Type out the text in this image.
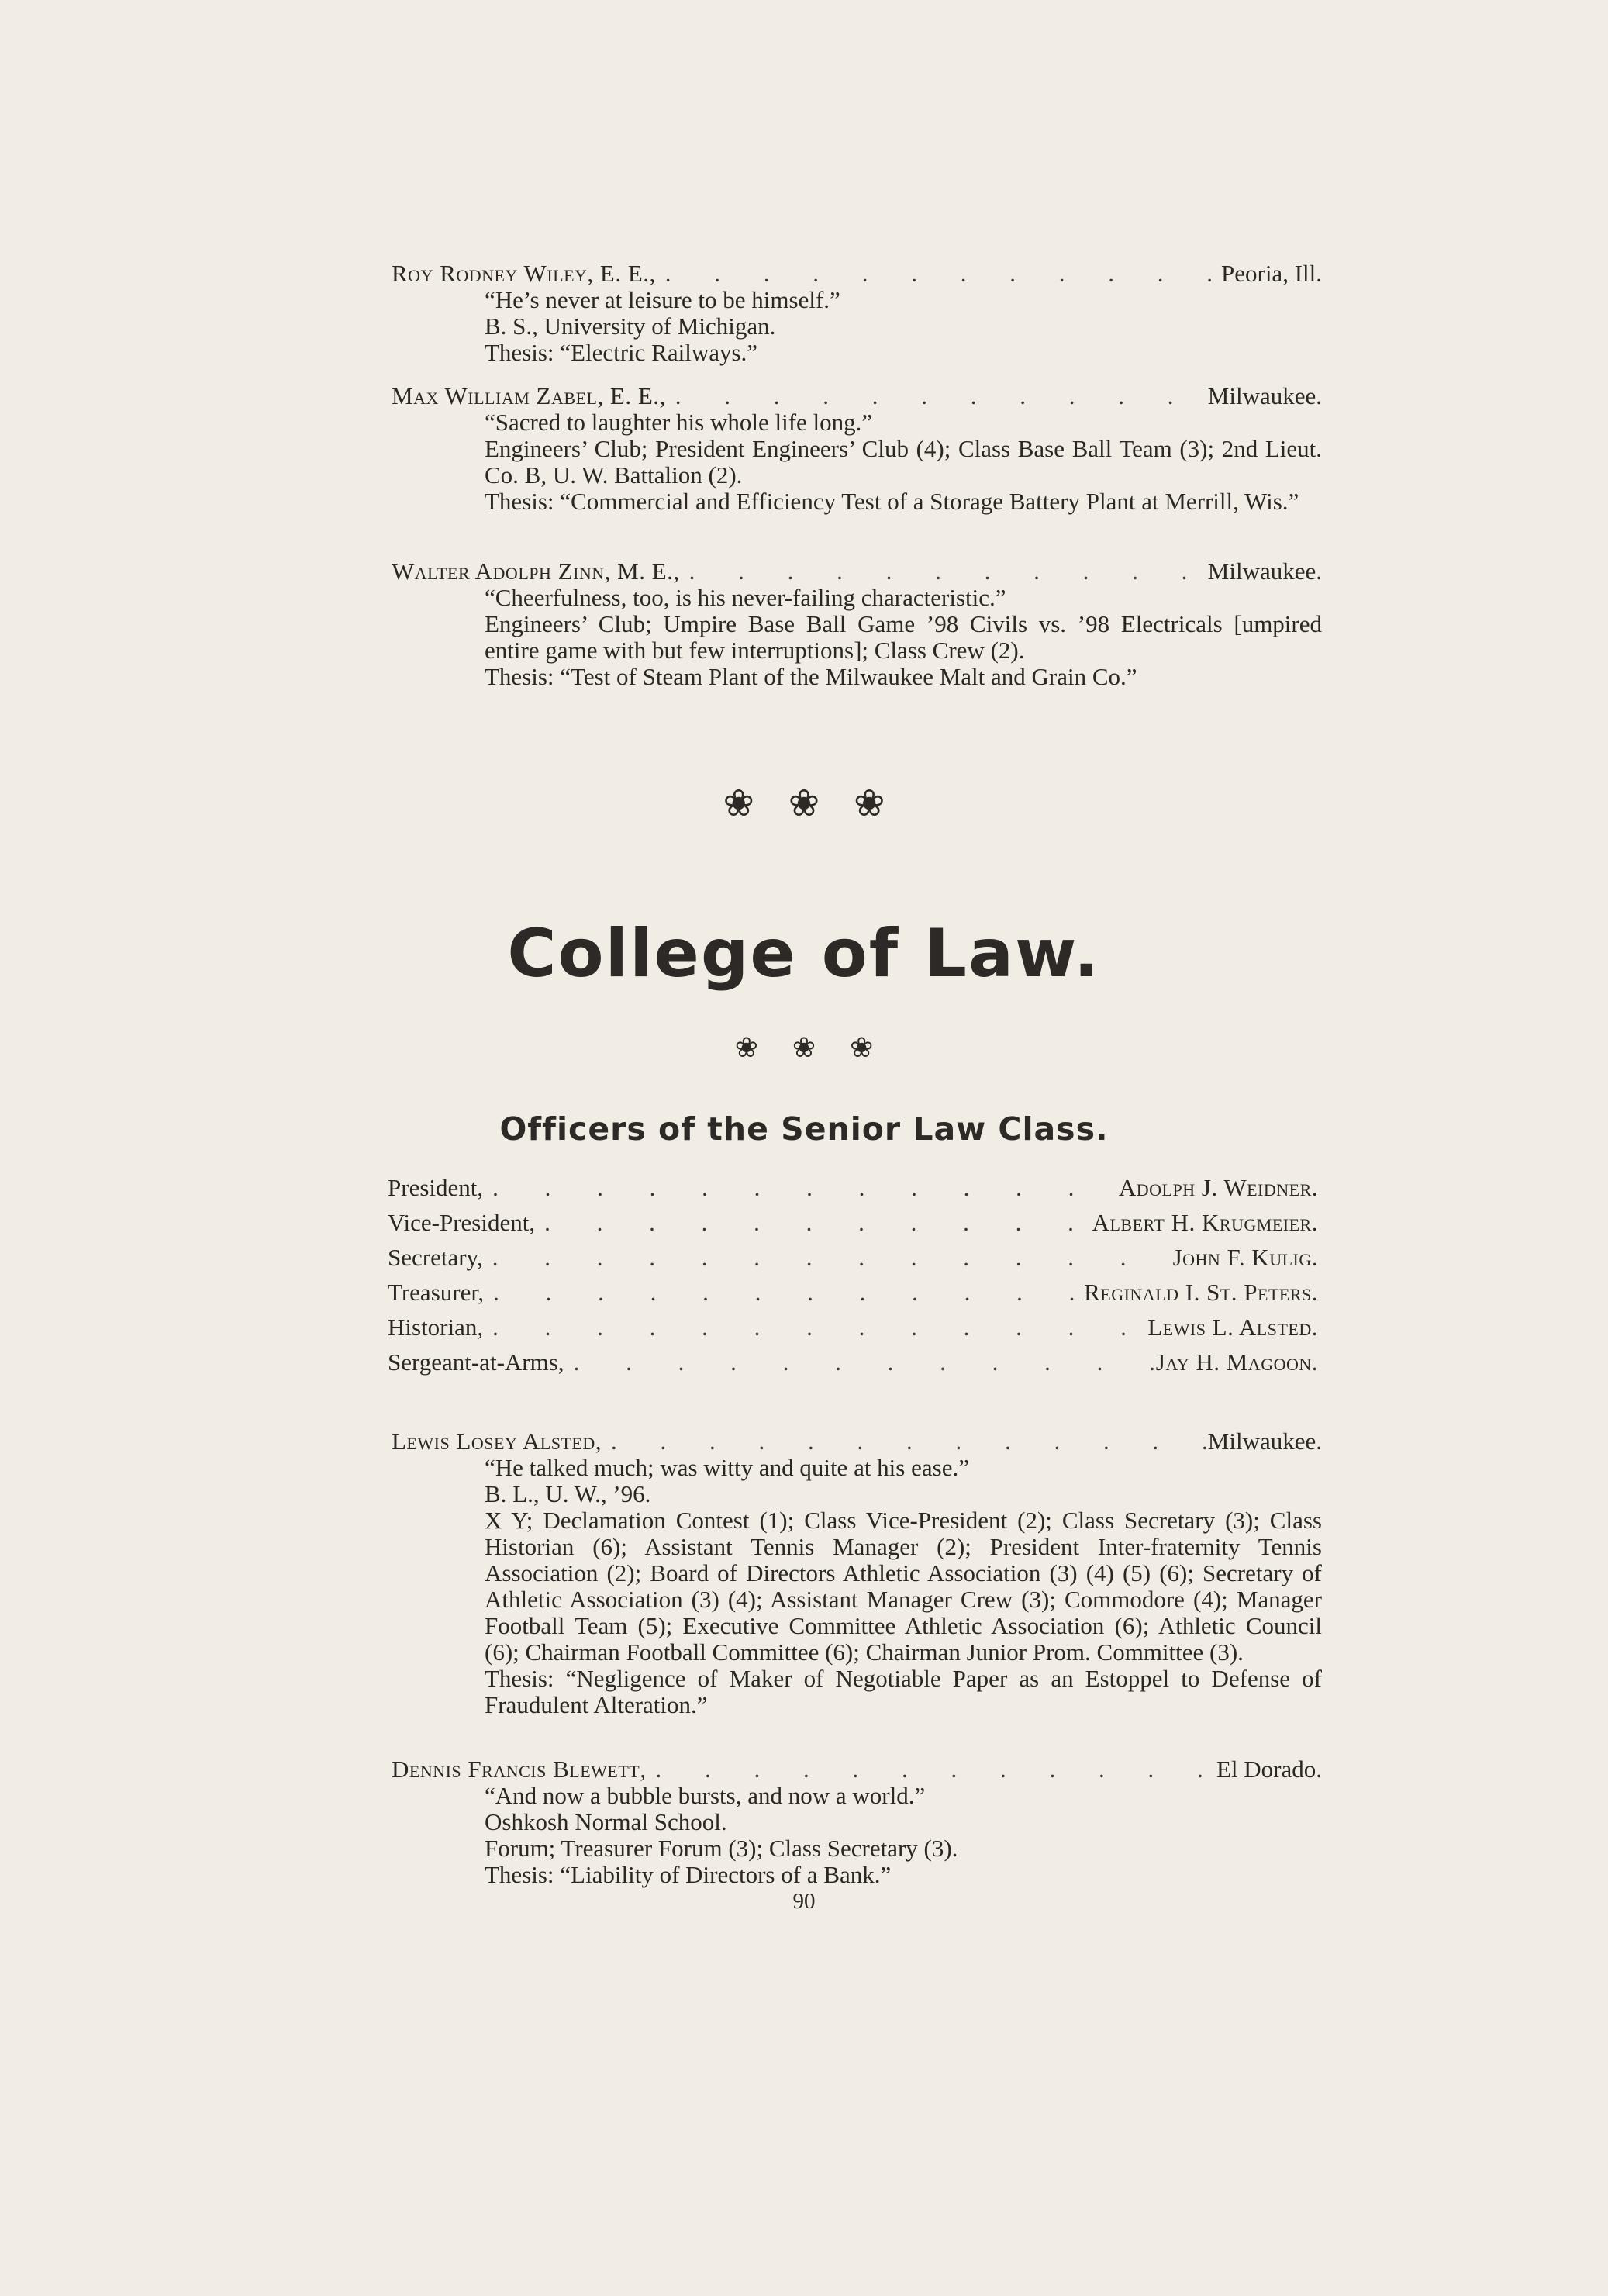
Roy Rodney Wiley, E. E., . . .	Peoria, Ill.

“He’s never at leisure to be himself.”

B. S., University of Michigan.

Thesis: “Electric Railways.”

Max William Zabel, E. E., . . .	Milwaukee.

“Sacred to laughter his whole life long.”

Engineers’ Club; President Engineers’ Club (4); Class Base Ball Team (3); 2nd Lieut. Co. B, U. W. Battalion (2).

Thesis: “Commercial and Efficiency Test of a Storage Battery Plant at Merrill, Wis.”

Walter Adolph Zinn, M. E., . . .	Milwaukee.

“Cheerfulness, too, is his never-failing characteristic.”

Engineers’ Club; Umpire Base Ball Game ’98 Civils vs. ’98 Electricals [umpired entire game with but few interruptions]; Class Crew (2).

Thesis: “Test of Steam Plant of the Milwaukee Malt and Grain Co.”

❀ ❀ ❀
College of Law.
❀ ❀ ❀
Officers of the Senior Law Class.
President, . . .	Adolph J. Weidner.
Vice-President, . . .	Albert H. Krugmeier.
Secretary, . . .	John F. Kulig.
Treasurer, . . .	Reginald I. St. Peters.
Historian, . . .	Lewis L. Alsted.
Sergeant-at-Arms, . . .	Jay H. Magoon.
Lewis Losey Alsted, . . .	Milwaukee.

“He talked much; was witty and quite at his ease.”

B. L., U. W., ’96.

Χ Υ; Declamation Contest (1); Class Vice-President (2); Class Secretary (3); Class Historian (6); Assistant Tennis Manager (2); President Inter-fraternity Tennis Association (2); Board of Directors Athletic Association (3) (4) (5) (6); Secretary of Athletic Association (3) (4); Assistant Manager Crew (3); Commodore (4); Manager Football Team (5); Executive Committee Athletic Association (6); Athletic Council (6); Chairman Football Committee (6); Chairman Junior Prom. Committee (3).

Thesis: “Negligence of Maker of Negotiable Paper as an Estoppel to Defense of Fraudulent Alteration.”

Dennis Francis Blewett, . . .	El Dorado.

“And now a bubble bursts, and now a world.”

Oshkosh Normal School.

Forum; Treasurer Forum (3); Class Secretary (3).

Thesis: “Liability of Directors of a Bank.”

90
